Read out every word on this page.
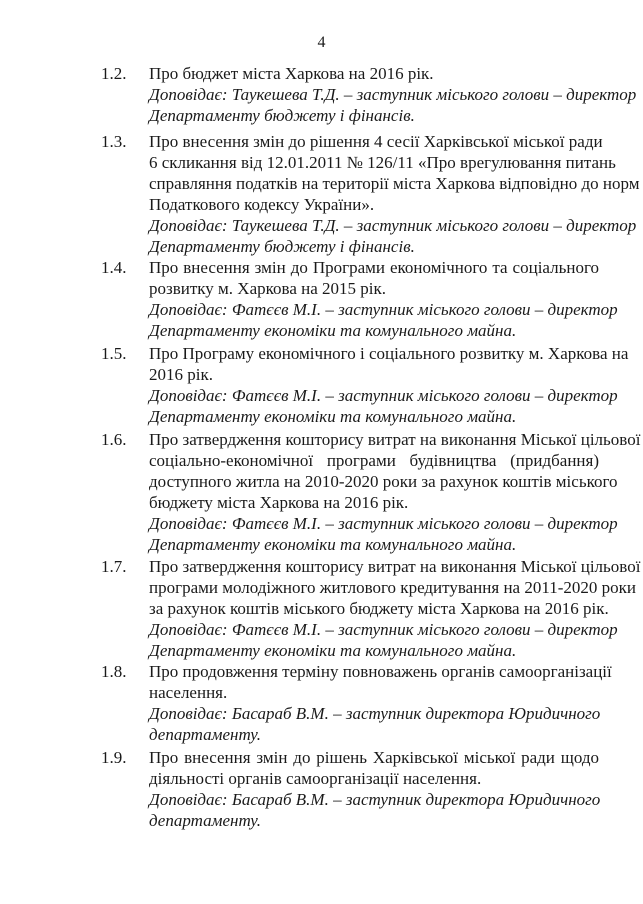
4
1.2. Про бюджет міста Харкова на 2016 рік.
Доповідає: Таукешева Т.Д. – заступник міського голови – директор
Департаменту бюджету і фінансів.
1.3. Про внесення змін до рішення 4 сесії Харківської міської ради
6 скликання від 12.01.2011 № 126/11 «Про врегулювання питань
справляння податків на території міста Харкова відповідно до норм
Податкового кодексу України».
Доповідає: Таукешева Т.Д. – заступник міського голови – директор
Департаменту бюджету і фінансів.
1.4. Про внесення змін до Програми економічного та соціального
розвитку м. Харкова на 2015 рік.
Доповідає: Фатєєв М.І. – заступник міського голови – директор
Департаменту економіки та комунального майна.
1.5. Про Програму економічного і соціального розвитку м. Харкова на
2016 рік.
Доповідає: Фатєєв М.І. – заступник міського голови – директор
Департаменту економіки та комунального майна.
1.6. Про затвердження кошторису витрат на виконання Міської цільової
соціально-економічної програми будівництва (придбання)
доступного житла на 2010-2020 роки за рахунок коштів міського
бюджету міста Харкова на 2016 рік.
Доповідає: Фатєєв М.І. – заступник міського голови – директор
Департаменту економіки та комунального майна.
1.7. Про затвердження кошторису витрат на виконання Міської цільової
програми молодіжного житлового кредитування на 2011-2020 роки
за рахунок коштів міського бюджету міста Харкова на 2016 рік.
Доповідає: Фатєєв М.І. – заступник міського голови – директор
Департаменту економіки та комунального майна.
1.8. Про продовження терміну повноважень органів самоорганізації
населення.
Доповідає: Басараб В.М. – заступник директора Юридичного
департаменту.
1.9. Про внесення змін до рішень Харківської міської ради щодо
діяльності органів самоорганізації населення.
Доповідає: Басараб В.М. – заступник директора Юридичного
департаменту.
